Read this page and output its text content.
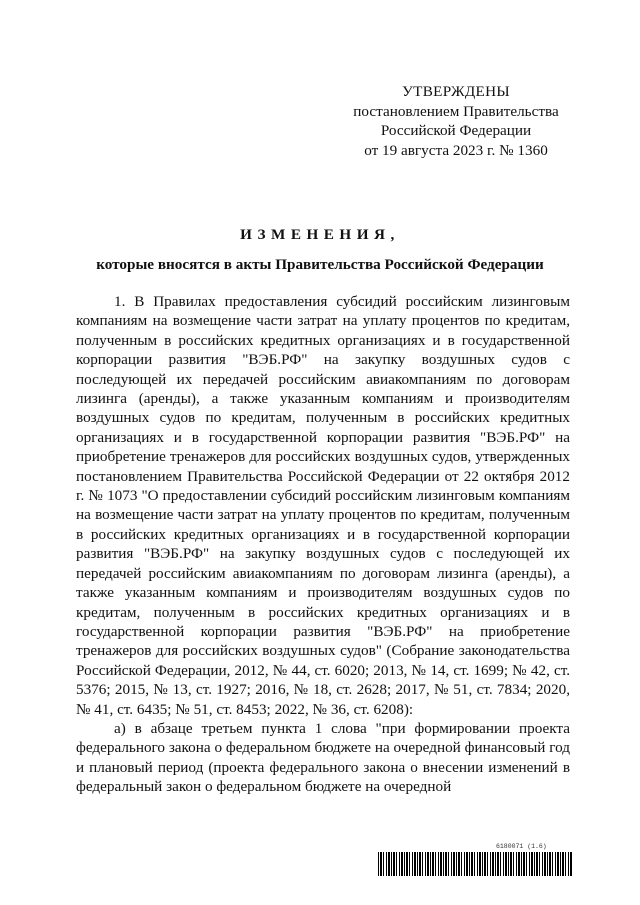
УТВЕРЖДЕНЫ
постановлением Правительства
Российской Федерации
от 19 августа 2023 г. № 1360
ИЗМЕНЕНИЯ,
которые вносятся в акты Правительства Российской Федерации

1. В Правилах предоставления субсидий российским лизинговым компаниям на возмещение части затрат на уплату процентов по кредитам, полученным в российских кредитных организациях и в государственной корпорации развития "ВЭБ.РФ" на закупку воздушных судов с последующей их передачей российским авиакомпаниям по договорам лизинга (аренды), а также указанным компаниям и производителям воздушных судов по кредитам, полученным в российских кредитных организациях и в государственной корпорации развития "ВЭБ.РФ" на приобретение тренажеров для российских воздушных судов, утвержденных постановлением Правительства Российской Федерации от 22 октября 2012 г. № 1073 "О предоставлении субсидий российским лизинговым компаниям на возмещение части затрат на уплату процентов по кредитам, полученным в российских кредитных организациях и в государственной корпорации развития "ВЭБ.РФ" на закупку воздушных судов с последующей их передачей российским авиакомпаниям по договорам лизинга (аренды), а также указанным компаниям и производителям воздушных судов по кредитам, полученным в российских кредитных организациях и в государственной корпорации развития "ВЭБ.РФ" на приобретение тренажеров для российских воздушных судов" (Собрание законодательства Российской Федерации, 2012, № 44, ст. 6020; 2013, № 14, ст. 1699; № 42, ст. 5376; 2015, № 13, ст. 1927; 2016, № 18, ст. 2628; 2017, № 51, ст. 7834; 2020, № 41, ст. 6435; № 51, ст. 8453; 2022, № 36, ст. 6208):

а) в абзаце третьем пункта 1 слова "при формировании проекта федерального закона о федеральном бюджете на очередной финансовый год и плановый период (проекта федерального закона о внесении изменений в федеральный закон о федеральном бюджете на очередной

6180071 (1.6)
